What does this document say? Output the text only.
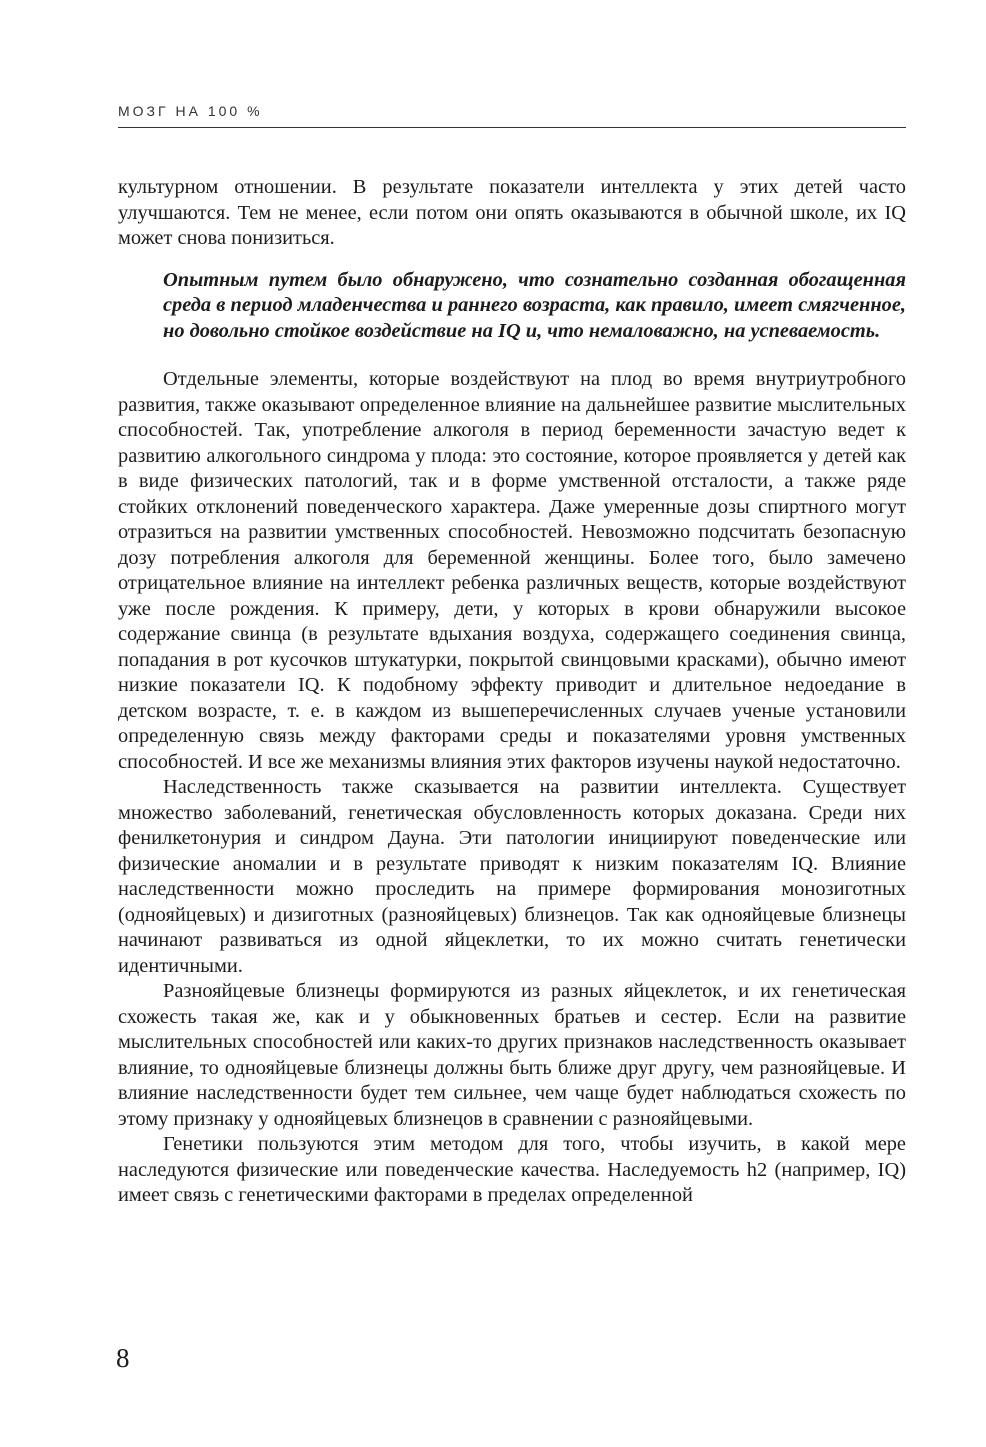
МОЗГ НА 100 %

культурном отношении. В результате показатели интеллекта у этих детей часто улучшаются. Тем не менее, если потом они опять оказываются в обычной школе, их IQ может снова понизиться.

Опытным путем было обнаружено, что сознательно созданная обогащенная среда в период младенчества и раннего возраста, как правило, имеет смягченное, но довольно стойкое воздействие на IQ и, что немаловажно, на успеваемость.

Отдельные элементы, которые воздействуют на плод во время внутриутробного развития, также оказывают определенное влияние на дальнейшее развитие мыслительных способностей. Так, употребление алкоголя в период беременности зачастую ведет к развитию алкогольного синдрома у плода: это состояние, которое проявляется у детей как в виде физических патологий, так и в форме умственной отсталости, а также ряде стойких отклонений поведенческого характера. Даже умеренные дозы спиртного могут отразиться на развитии умственных способностей. Невозможно подсчитать безопасную дозу потребления алкоголя для беременной женщины. Более того, было замечено отрицательное влияние на интеллект ребенка различных веществ, которые воздействуют уже после рождения. К примеру, дети, у которых в крови обнаружили высокое содержание свинца (в результате вдыхания воздуха, содержащего соединения свинца, попадания в рот кусочков штукатурки, покрытой свинцовыми красками), обычно имеют низкие показатели IQ. К подобному эффекту приводит и длительное недоедание в детском возрасте, т. е. в каждом из вышеперечисленных случаев ученые установили определенную связь между факторами среды и показателями уровня умственных способностей. И все же механизмы влияния этих факторов изучены наукой недостаточно.

Наследственность также сказывается на развитии интеллекта. Существует множество заболеваний, генетическая обусловленность которых доказана. Среди них фенилкетонурия и синдром Дауна. Эти патологии инициируют поведенческие или физические аномалии и в результате приводят к низким показателям IQ. Влияние наследственности можно проследить на примере формирования монозиготных (однояйцевых) и дизиготных (разнояйцевых) близнецов. Так как однояйцевые близнецы начинают развиваться из одной яйцеклетки, то их можно считать генетически идентичными.

Разнояйцевые близнецы формируются из разных яйцеклеток, и их генетическая схожесть такая же, как и у обыкновенных братьев и сестер. Если на развитие мыслительных способностей или каких-то других признаков наследственность оказывает влияние, то однояйцевые близнецы должны быть ближе друг другу, чем разнояйцевые. И влияние наследственности будет тем сильнее, чем чаще будет наблюдаться схожесть по этому признаку у однояйцевых близнецов в сравнении с разнояйцевыми.

Генетики пользуются этим методом для того, чтобы изучить, в какой мере наследуются физические или поведенческие качества. Наследуемость h2 (например, IQ) имеет связь с генетическими факторами в пределах определенной

8
